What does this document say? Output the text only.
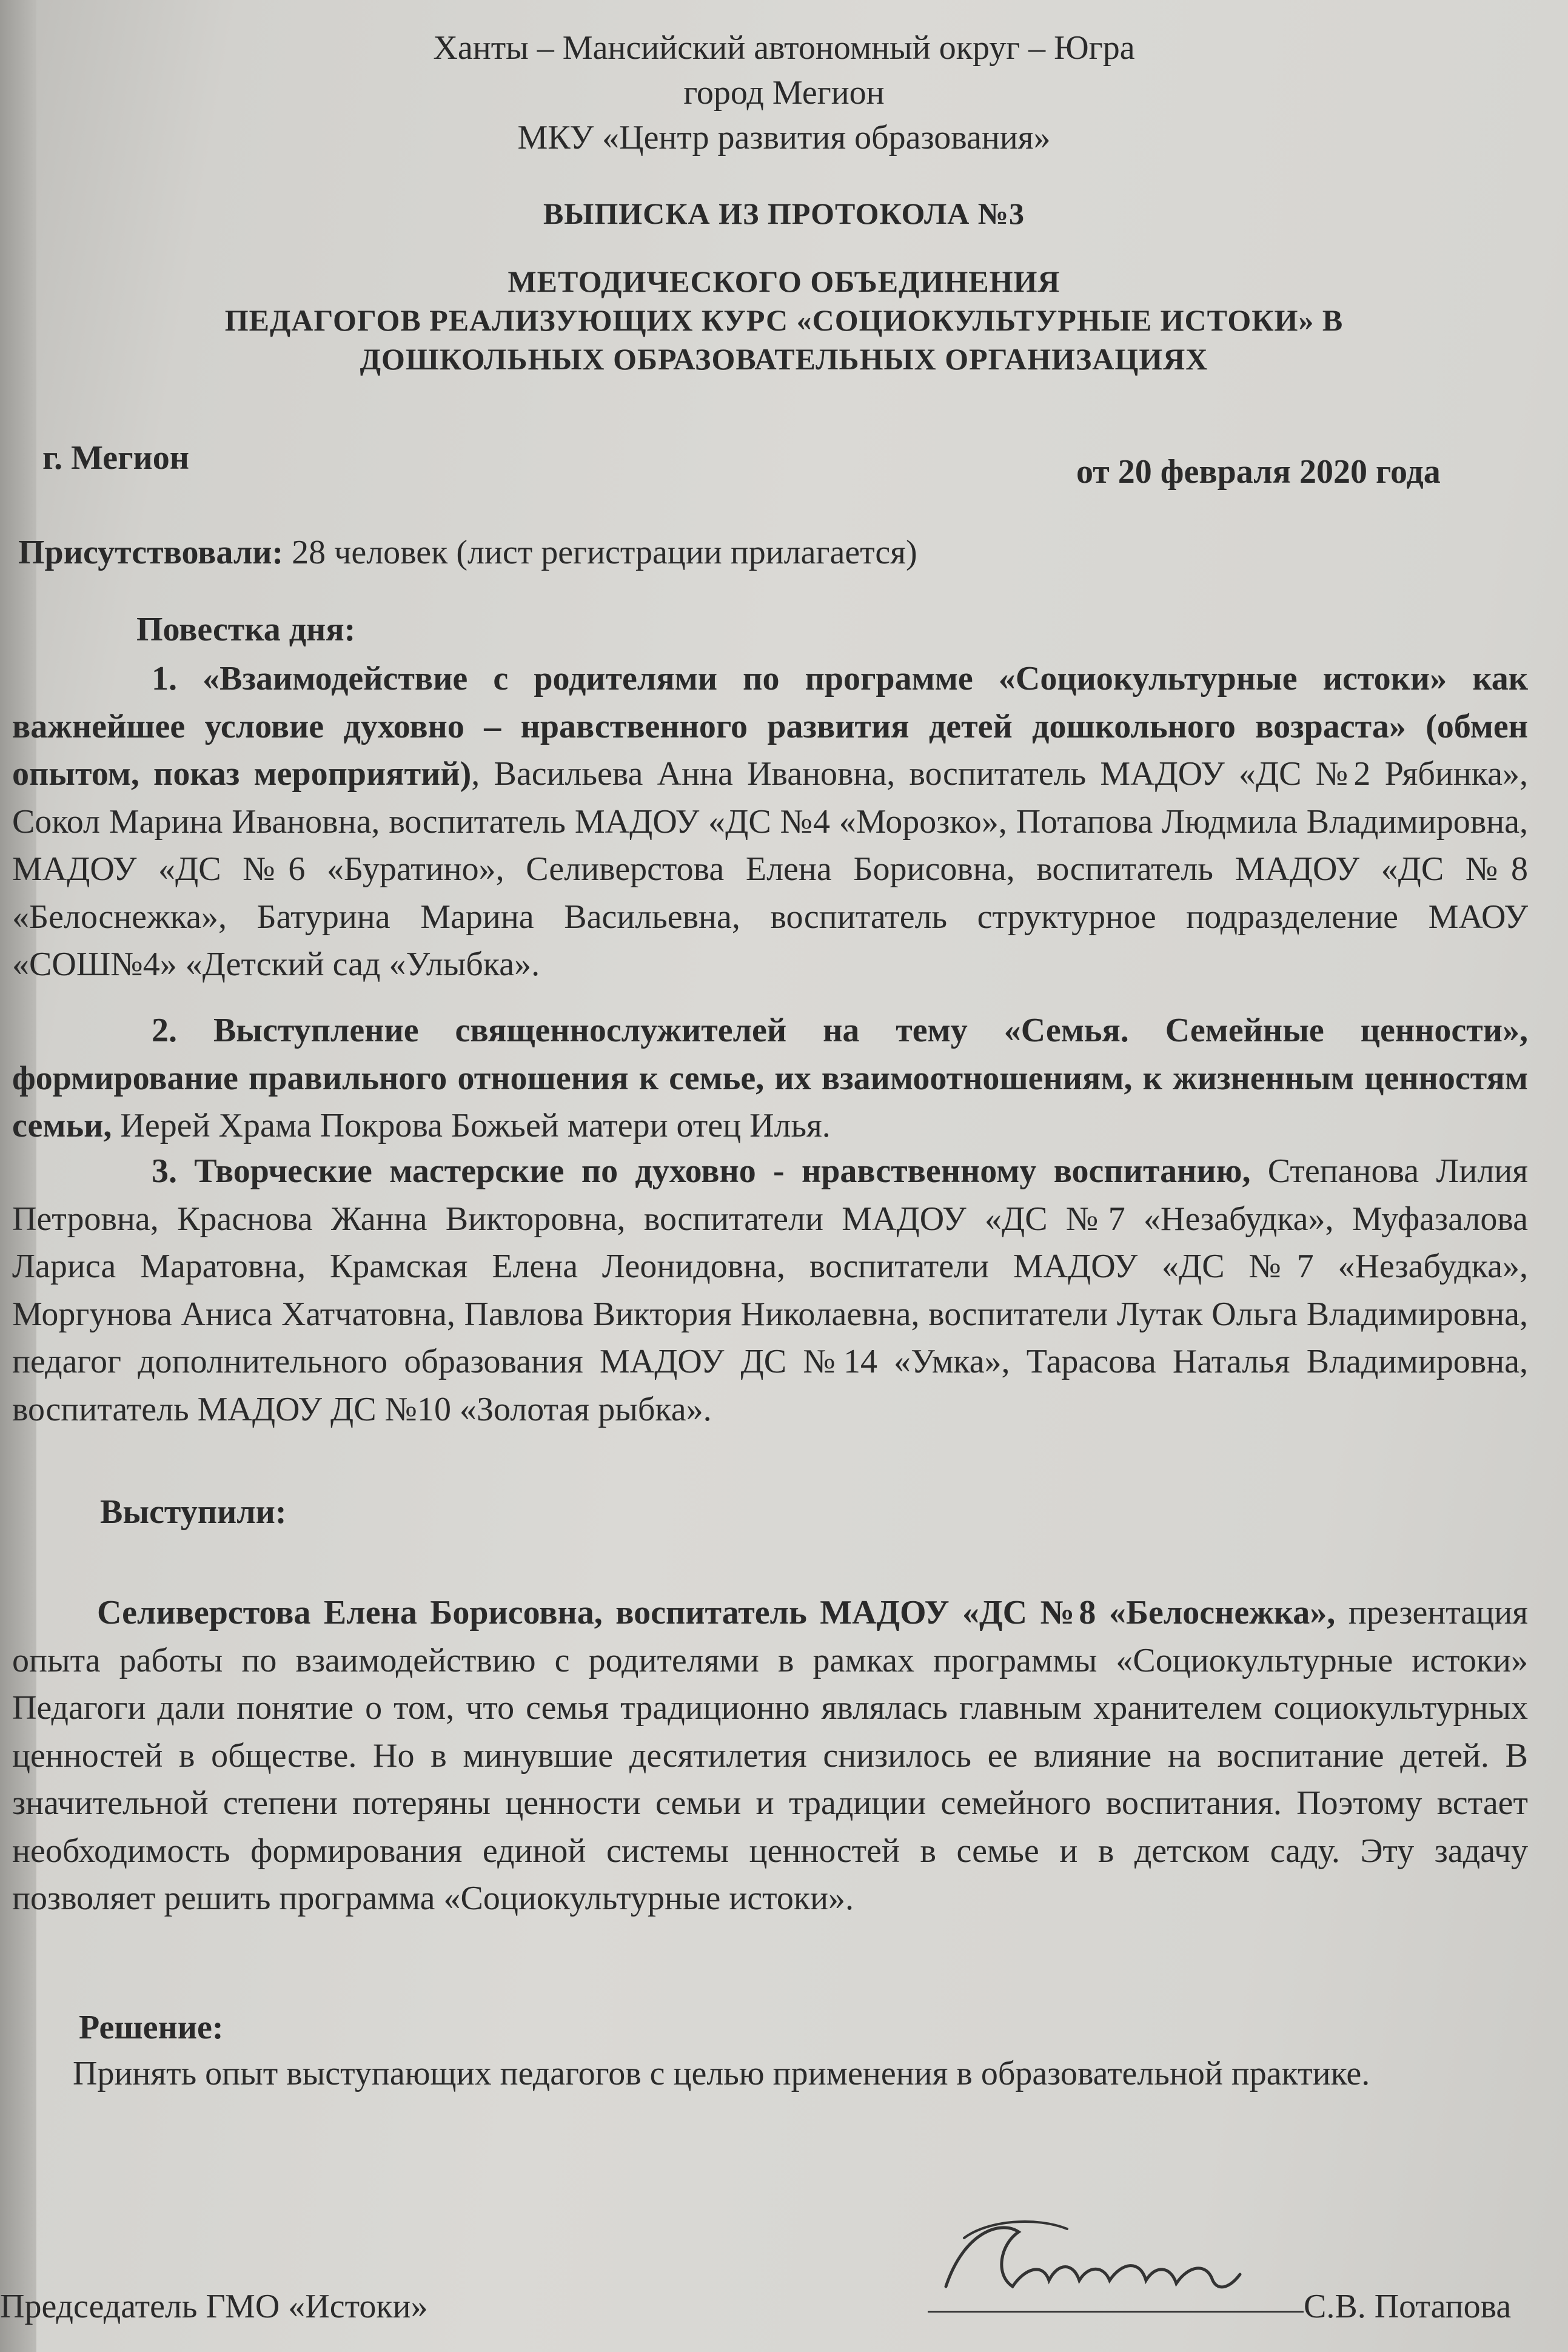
Ханты – Мансийский автономный округ – Югра
город Мегион
МКУ «Центр развития образования»
ВЫПИСКА ИЗ ПРОТОКОЛА №3
МЕТОДИЧЕСКОГО ОБЪЕДИНЕНИЯ
ПЕДАГОГОВ РЕАЛИЗУЮЩИХ КУРС «СОЦИОКУЛЬТУРНЫЕ ИСТОКИ» В
ДОШКОЛЬНЫХ ОБРАЗОВАТЕЛЬНЫХ ОРГАНИЗАЦИЯХ
г. Мегион	от 20 февраля 2020 года
Присутствовали: 28 человек (лист регистрации прилагается)
Повестка дня:
1. «Взаимодействие с родителями по программе «Социокультурные истоки» как важнейшее условие духовно – нравственного развития детей дошкольного возраста» (обмен опытом, показ мероприятий), Васильева Анна Ивановна, воспитатель МАДОУ «ДС №2 Рябинка», Сокол Марина Ивановна, воспитатель МАДОУ «ДС №4 «Морозко», Потапова Людмила Владимировна, МАДОУ «ДС №6 «Буратино», Селиверстова Елена Борисовна, воспитатель МАДОУ «ДС №8 «Белоснежка», Батурина Марина Васильевна, воспитатель структурное подразделение МАОУ «СОШ№4» «Детский сад «Улыбка».
2. Выступление священнослужителей на тему «Семья. Семейные ценности», формирование правильного отношения к семье, их взаимоотношениям, к жизненным ценностям семьи, Иерей Храма Покрова Божьей матери отец Илья.
3. Творческие мастерские по духовно - нравственному воспитанию, Степанова Лилия Петровна, Краснова Жанна Викторовна, воспитатели МАДОУ «ДС №7 «Незабудка», Муфазалова Лариса Маратовна, Крамская Елена Леонидовна, воспитатели МАДОУ «ДС №7 «Незабудка», Моргунова Аниса Хатчатовна, Павлова Виктория Николаевна, воспитатели Лутак Ольга Владимировна, педагог дополнительного образования МАДОУ ДС №14 «Умка», Тарасова Наталья Владимировна, воспитатель МАДОУ ДС №10 «Золотая рыбка».
Выступили:
Селиверстова Елена Борисовна, воспитатель МАДОУ «ДС №8 «Белоснежка», презентация опыта работы по взаимодействию с родителями в рамках программы «Социокультурные истоки» Педагоги дали понятие о том, что семья традиционно являлась главным хранителем социокультурных ценностей в обществе. Но в минувшие десятилетия снизилось ее влияние на воспитание детей. В значительной степени потеряны ценности семьи и традиции семейного воспитания. Поэтому встает необходимость формирования единой системы ценностей в семье и в детском саду. Эту задачу позволяет решить программа «Социокультурные истоки».
Решение:
Принять опыт выступающих педагогов с целью применения в образовательной практике.
Председатель ГМО «Истоки»	С.В. Потапова
